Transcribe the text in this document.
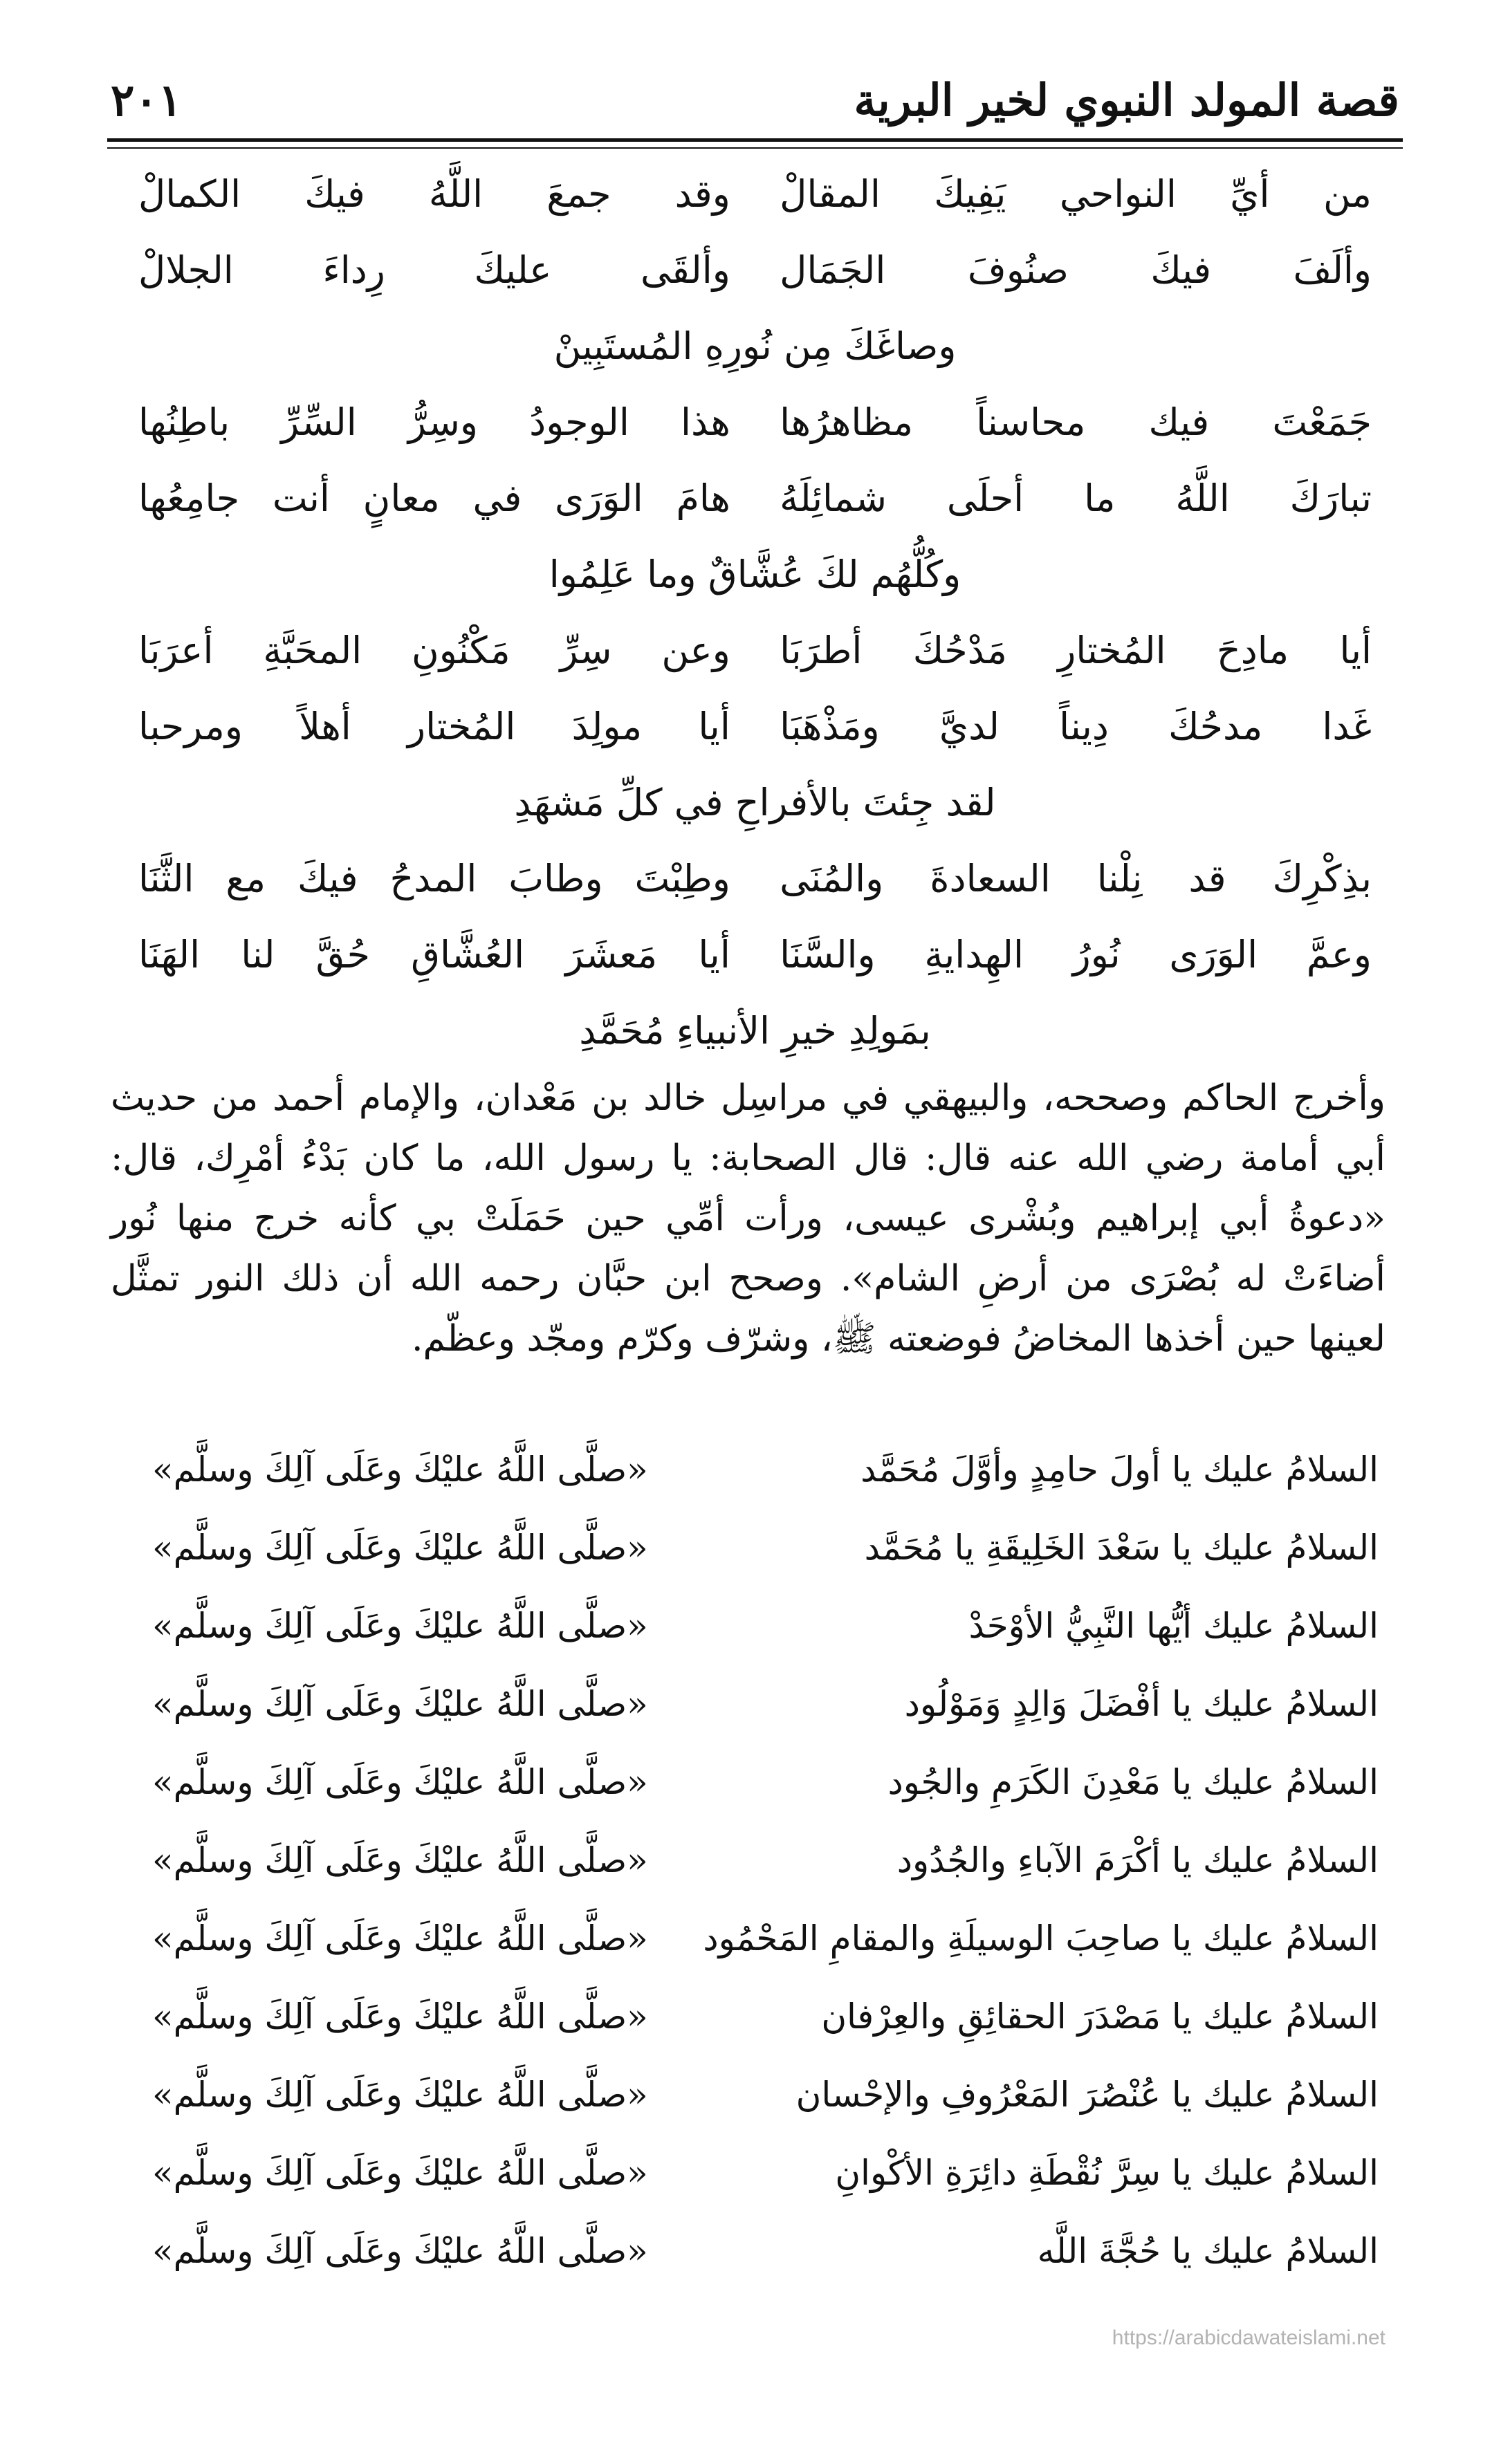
٢٠١	قصة المولد النبوي لخير البرية
من أيِّ النواحي يَفِيكَ المقالْ
وقد جمعَ اللَّهُ فيكَ الكمالْ
وألَفَ فيكَ صنُوفَ الجَمَال
وألقَى عليكَ رِداءَ الجلالْ
وصاغَكَ مِن نُورِهِ المُستَبِينْ
جَمَعْتَ فيك محاسناً مظاهرُها
هذا الوجودُ وسِرُّ السِّرِّ باطِنُها
تبارَكَ اللَّهُ ما أحلَى شمائِلَهُ
هامَ الوَرَى في معانٍ أنت جامِعُها
وكُلُّهُم لكَ عُشَّاقٌ وما عَلِمُوا
أيا مادِحَ المُختارِ مَدْحُكَ أطرَبَا
وعن سِرِّ مَكْنُونِ المحَبَّةِ أعرَبَا
غَدا مدحُكَ دِيناً لديَّ ومَذْهَبَا
أيا مولِدَ المُختار أهلاً ومرحبا
لقد جِئتَ بالأفراحِ في كلِّ مَشهَدِ
بذِكْرِكَ قد نِلْنا السعادةَ والمُنَى
وطِبْتَ وطابَ المدحُ فيكَ مع الثَّنَا
وعمَّ الوَرَى نُورُ الهِدايةِ والسَّنَا
أيا مَعشَرَ العُشَّاقِ حُقَّ لنا الهَنَا
بمَولِدِ خيرِ الأنبياءِ مُحَمَّدِ
وأخرج الحاكم وصححه، والبيهقي في مراسِل خالد بن مَعْدان، والإمام أحمد من حديث أبي أمامة رضي الله عنه قال: قال الصحابة: يا رسول الله، ما كان بَدْءُ أمْرِك، قال: «دعوةُ أبي إبراهيم وبُشْرى عيسى، ورأت أمِّي حين حَمَلَتْ بي كأنه خرج منها نُور أضاءَتْ له بُصْرَى من أرضِ الشام». وصحح ابن حبَّان رحمه الله أن ذلك النور تمثَّل لعينها حين أخذها المخاضُ فوضعته ﷺ، وشرّف وكرّم ومجّد وعظّم.
السلامُ عليك يا أولَ حامِدٍ وأوَّلَ مُحَمَّد
«صلَّى اللَّهُ عليْكَ وعَلَى آلِكَ وسلَّم»
السلامُ عليك يا سَعْدَ الخَلِيقَةِ يا مُحَمَّد
«صلَّى اللَّهُ عليْكَ وعَلَى آلِكَ وسلَّم»
السلامُ عليك أيُّها النَّبِيُّ الأوْحَدْ
«صلَّى اللَّهُ عليْكَ وعَلَى آلِكَ وسلَّم»
السلامُ عليك يا أفْضَلَ وَالِدٍ وَمَوْلُود
«صلَّى اللَّهُ عليْكَ وعَلَى آلِكَ وسلَّم»
السلامُ عليك يا مَعْدِنَ الكَرَمِ والجُود
«صلَّى اللَّهُ عليْكَ وعَلَى آلِكَ وسلَّم»
السلامُ عليك يا أكْرَمَ الآباءِ والجُدُود
«صلَّى اللَّهُ عليْكَ وعَلَى آلِكَ وسلَّم»
السلامُ عليك يا صاحِبَ الوسيلَةِ والمقامِ المَحْمُود
«صلَّى اللَّهُ عليْكَ وعَلَى آلِكَ وسلَّم»
السلامُ عليك يا مَصْدَرَ الحقائِقِ والعِرْفان
«صلَّى اللَّهُ عليْكَ وعَلَى آلِكَ وسلَّم»
السلامُ عليك يا عُنْصُرَ المَعْرُوفِ والإحْسان
«صلَّى اللَّهُ عليْكَ وعَلَى آلِكَ وسلَّم»
السلامُ عليك يا سِرَّ نُقْطَةِ دائِرَةِ الأكْوانِ
«صلَّى اللَّهُ عليْكَ وعَلَى آلِكَ وسلَّم»
السلامُ عليك يا حُجَّةَ اللَّه
«صلَّى اللَّهُ عليْكَ وعَلَى آلِكَ وسلَّم»
https://arabicdawateislami.net
